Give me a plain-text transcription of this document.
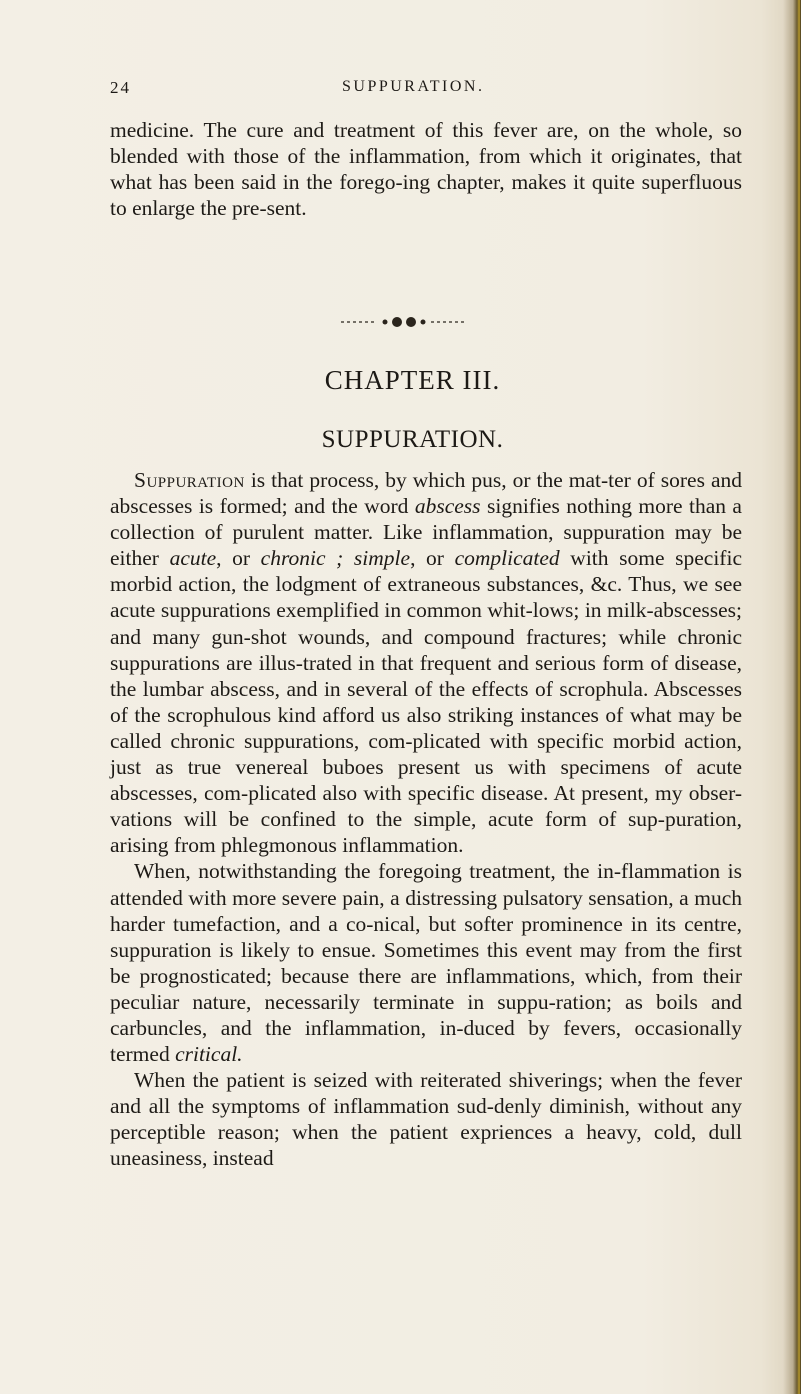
24	SUPPURATION.

medicine. The cure and treatment of this fever are, on the whole, so blended with those of the inflammation, from which it originates, that what has been said in the forego-ing chapter, makes it quite superfluous to enlarge the pre-sent.

CHAPTER III.
SUPPURATION.

Suppuration is that process, by which pus, or the mat-ter of sores and abscesses is formed; and the word abscess signifies nothing more than a collection of purulent matter. Like inflammation, suppuration may be either acute, or chronic ; simple, or complicated with some specific morbid action, the lodgment of extraneous substances, &c. Thus, we see acute suppurations exemplified in common whit-lows; in milk-abscesses; and many gun-shot wounds, and compound fractures; while chronic suppurations are illus-trated in that frequent and serious form of disease, the lumbar abscess, and in several of the effects of scrophula. Abscesses of the scrophulous kind afford us also striking instances of what may be called chronic suppurations, com-plicated with specific morbid action, just as true venereal buboes present us with specimens of acute abscesses, com-plicated also with specific disease. At present, my obser-vations will be confined to the simple, acute form of sup-puration, arising from phlegmonous inflammation.

When, notwithstanding the foregoing treatment, the in-flammation is attended with more severe pain, a distressing pulsatory sensation, a much harder tumefaction, and a co-nical, but softer prominence in its centre, suppuration is likely to ensue. Sometimes this event may from the first be prognosticated; because there are inflammations, which, from their peculiar nature, necessarily terminate in suppu-ration; as boils and carbuncles, and the inflammation, in-duced by fevers, occasionally termed critical.

When the patient is seized with reiterated shiverings; when the fever and all the symptoms of inflammation sud-denly diminish, without any perceptible reason; when the patient expriences a heavy, cold, dull uneasiness, instead
